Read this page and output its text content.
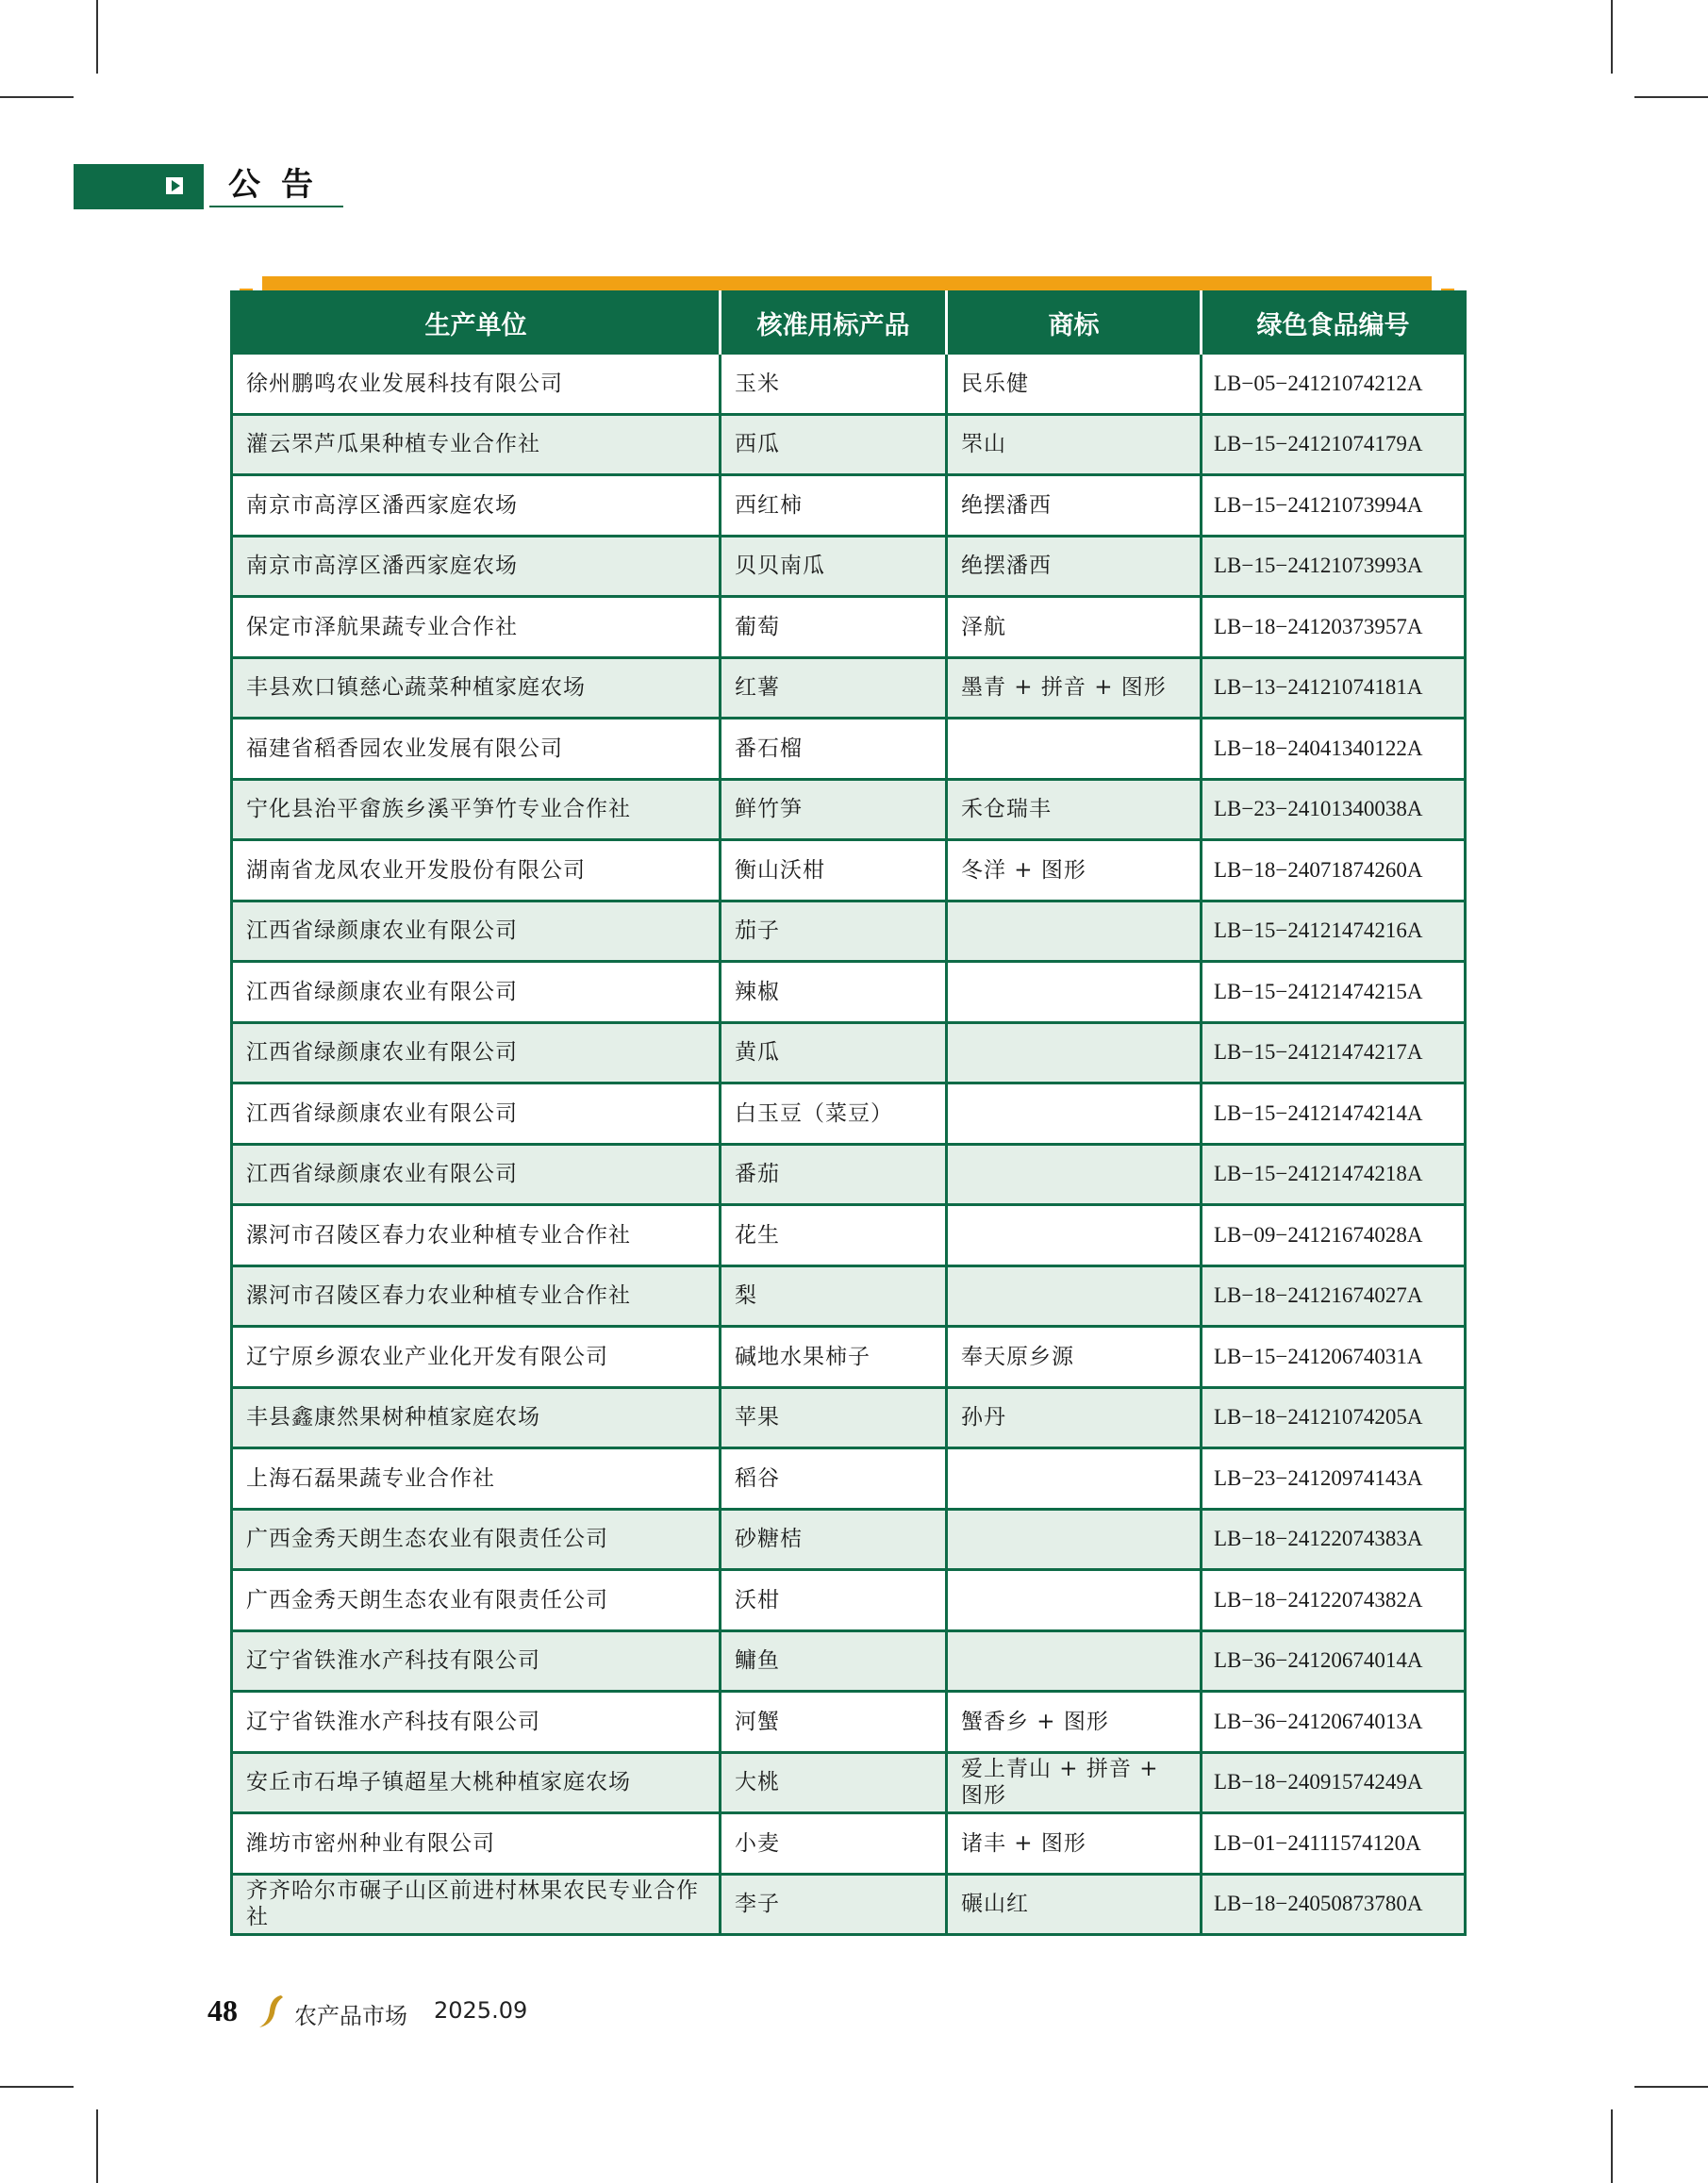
公告
生产单位	核准用标产品	商标	绿色食品编号
徐州鹏鸣农业发展科技有限公司	玉米	民乐健	LB−05−24121074212A
灌云罘芦瓜果种植专业合作社	西瓜	罘山	LB−15−24121074179A
南京市高淳区潘西家庭农场	西红柿	绝摆潘西	LB−15−24121073994A
南京市高淳区潘西家庭农场	贝贝南瓜	绝摆潘西	LB−15−24121073993A
保定市泽航果蔬专业合作社	葡萄	泽航	LB−18−24120373957A
丰县欢口镇慈心蔬菜种植家庭农场	红薯	墨青 + 拼音 + 图形	LB−13−24121074181A
福建省稻香园农业发展有限公司	番石榴		LB−18−24041340122A
宁化县治平畲族乡溪平笋竹专业合作社	鲜竹笋	禾仓瑞丰	LB−23−24101340038A
湖南省龙凤农业开发股份有限公司	衡山沃柑	冬洋 + 图形	LB−18−24071874260A
江西省绿颜康农业有限公司	茄子		LB−15−24121474216A
江西省绿颜康农业有限公司	辣椒		LB−15−24121474215A
江西省绿颜康农业有限公司	黄瓜		LB−15−24121474217A
江西省绿颜康农业有限公司	白玉豆（菜豆）		LB−15−24121474214A
江西省绿颜康农业有限公司	番茄		LB−15−24121474218A
漯河市召陵区春力农业种植专业合作社	花生		LB−09−24121674028A
漯河市召陵区春力农业种植专业合作社	梨		LB−18−24121674027A
辽宁原乡源农业产业化开发有限公司	碱地水果柿子	奉天原乡源	LB−15−24120674031A
丰县鑫康然果树种植家庭农场	苹果	孙丹	LB−18−24121074205A
上海石磊果蔬专业合作社	稻谷		LB−23−24120974143A
广西金秀天朗生态农业有限责任公司	砂糖桔		LB−18−24122074383A
广西金秀天朗生态农业有限责任公司	沃柑		LB−18−24122074382A
辽宁省铁淮水产科技有限公司	鳙鱼		LB−36−24120674014A
辽宁省铁淮水产科技有限公司	河蟹	蟹香乡 + 图形	LB−36−24120674013A
安丘市石埠子镇超星大桃种植家庭农场	大桃	爱上青山 + 拼音 + 图形	LB−18−24091574249A
潍坊市密州种业有限公司	小麦	诸丰 + 图形	LB−01−24111574120A
齐齐哈尔市碾子山区前进村林果农民专业合作社	李子	碾山红	LB−18−24050873780A
48	农产品市场 2025.09
